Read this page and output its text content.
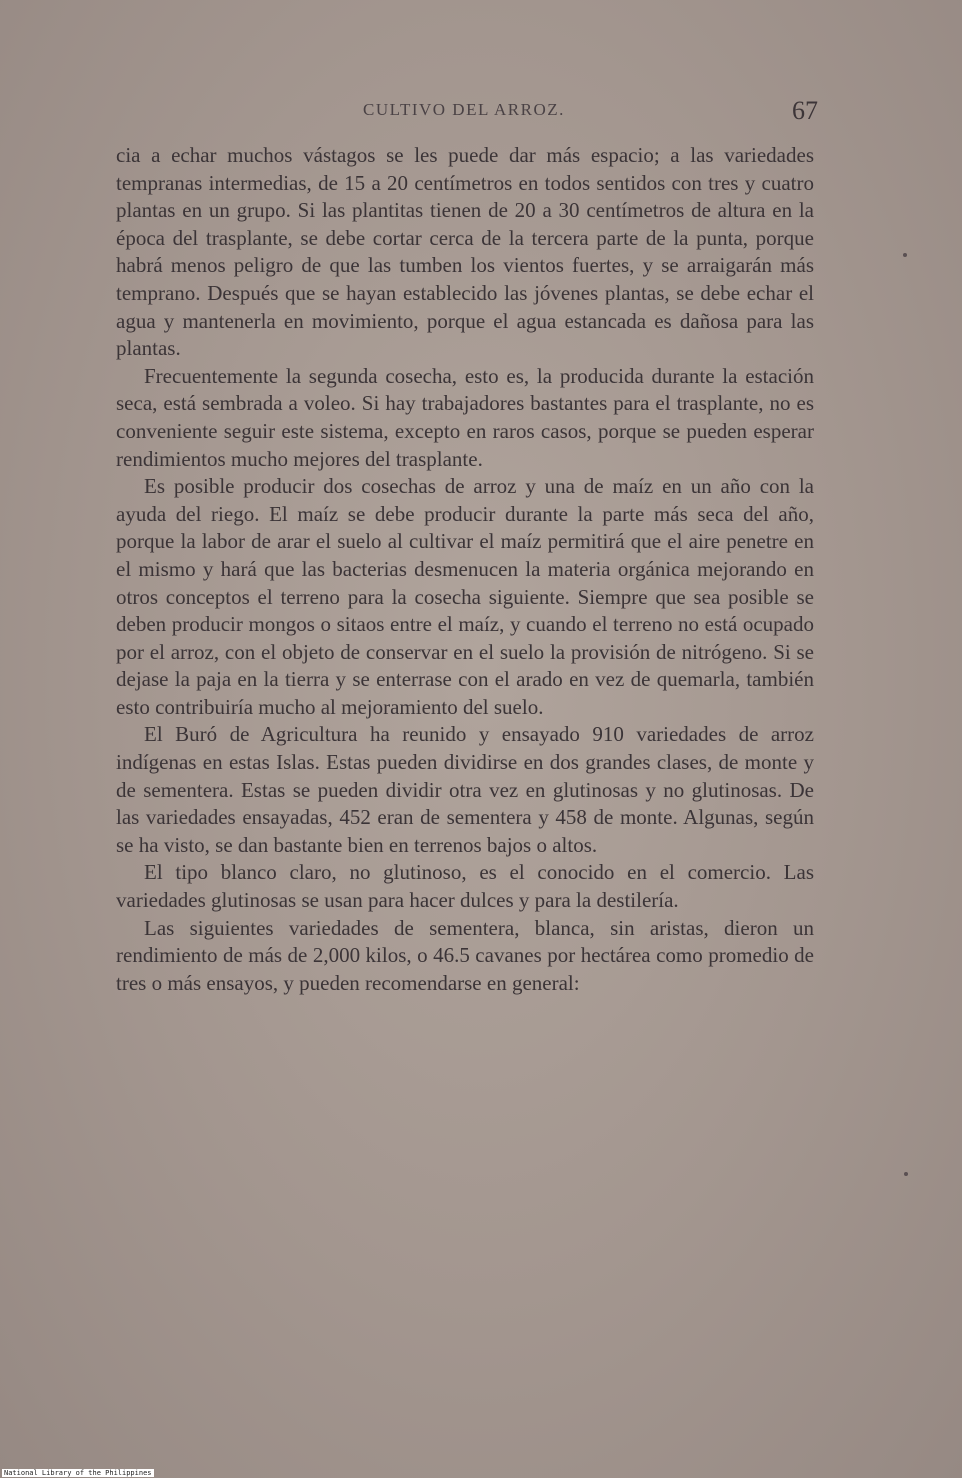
CULTIVO DEL ARROZ.	67

cia a echar muchos vástagos se les puede dar más espacio; a las variedades tempranas intermedias, de 15 a 20 centímetros en todos sentidos con tres y cuatro plantas en un grupo. Si las plantitas tienen de 20 a 30 centímetros de altura en la época del trasplante, se debe cortar cerca de la tercera parte de la punta, porque habrá menos peligro de que las tumben los vientos fuertes, y se arraigarán más temprano. Después que se hayan establecido las jóvenes plantas, se debe echar el agua y mantenerla en movimiento, porque el agua estancada es dañosa para las plantas.

Frecuentemente la segunda cosecha, esto es, la producida durante la estación seca, está sembrada a voleo. Si hay trabajadores bastantes para el trasplante, no es conveniente seguir este sistema, excepto en raros casos, porque se pueden esperar rendimientos mucho mejores del trasplante.

Es posible producir dos cosechas de arroz y una de maíz en un año con la ayuda del riego. El maíz se debe producir durante la parte más seca del año, porque la labor de arar el suelo al cultivar el maíz permitirá que el aire penetre en el mismo y hará que las bacterias desmenucen la materia orgánica mejorando en otros conceptos el terreno para la cosecha siguiente. Siempre que sea posible se deben producir mongos o sitaos entre el maíz, y cuando el terreno no está ocupado por el arroz, con el objeto de conservar en el suelo la provisión de nitrógeno. Si se dejase la paja en la tierra y se enterrase con el arado en vez de quemarla, también esto contribuiría mucho al mejoramiento del suelo.

El Buró de Agricultura ha reunido y ensayado 910 variedades de arroz indígenas en estas Islas. Estas pueden dividirse en dos grandes clases, de monte y de sementera. Estas se pueden dividir otra vez en glutinosas y no glutinosas. De las variedades ensayadas, 452 eran de sementera y 458 de monte. Algunas, según se ha visto, se dan bastante bien en terrenos bajos o altos.

El tipo blanco claro, no glutinoso, es el conocido en el comercio. Las variedades glutinosas se usan para hacer dulces y para la destilería.

Las siguientes variedades de sementera, blanca, sin aristas, dieron un rendimiento de más de 2,000 kilos, o 46.5 cavanes por hectárea como promedio de tres o más ensayos, y pueden recomendarse en general:

National Library of the Philippines
